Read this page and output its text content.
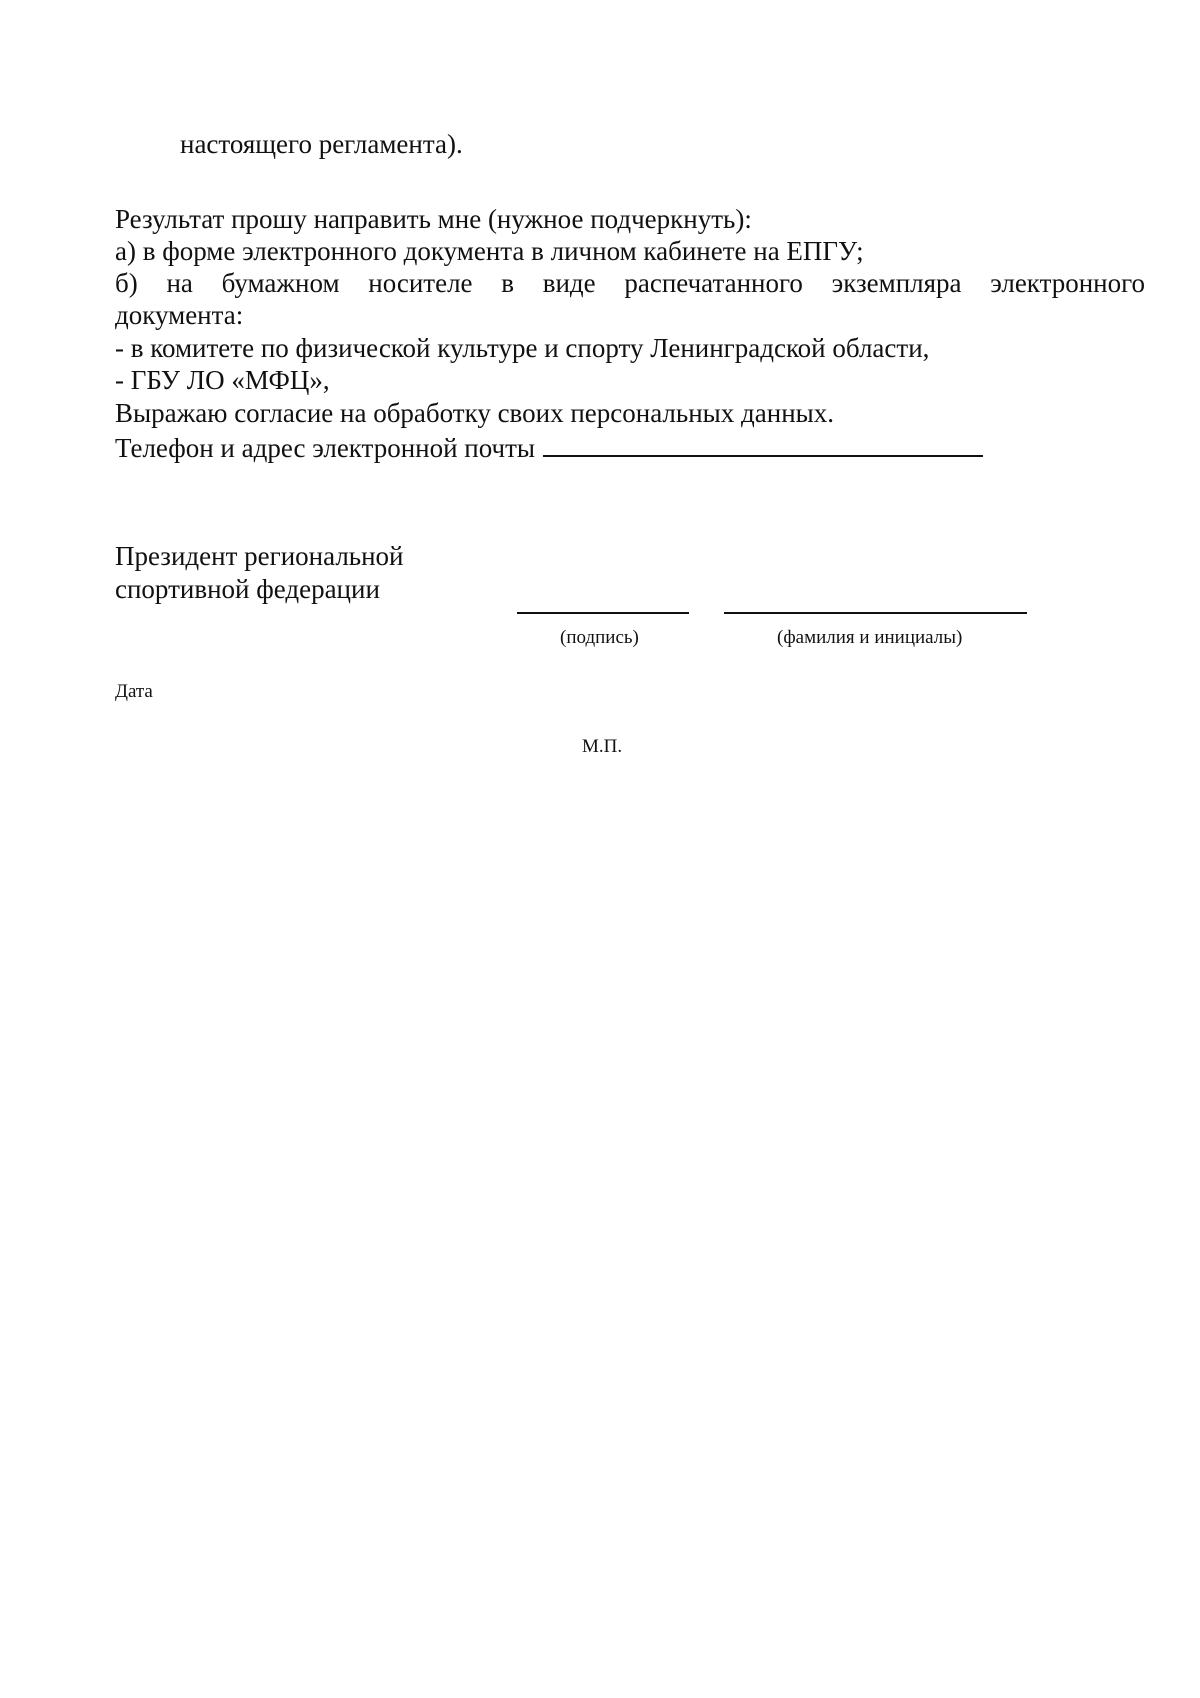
настоящего регламента).
Результат прошу направить мне (нужное подчеркнуть):
а) в форме электронного документа в личном кабинете на ЕПГУ;
б) на бумажном носителе в виде распечатанного экземпляра электронного
документа:
- в комитете по физической культуре и спорту Ленинградской области,
- ГБУ ЛО «МФЦ»,
Выражаю согласие на обработку своих персональных данных.
Телефон и адрес электронной почты
Президент региональной
спортивной федерации
(подпись)	(фамилия и инициалы)
Дата
М.П.
